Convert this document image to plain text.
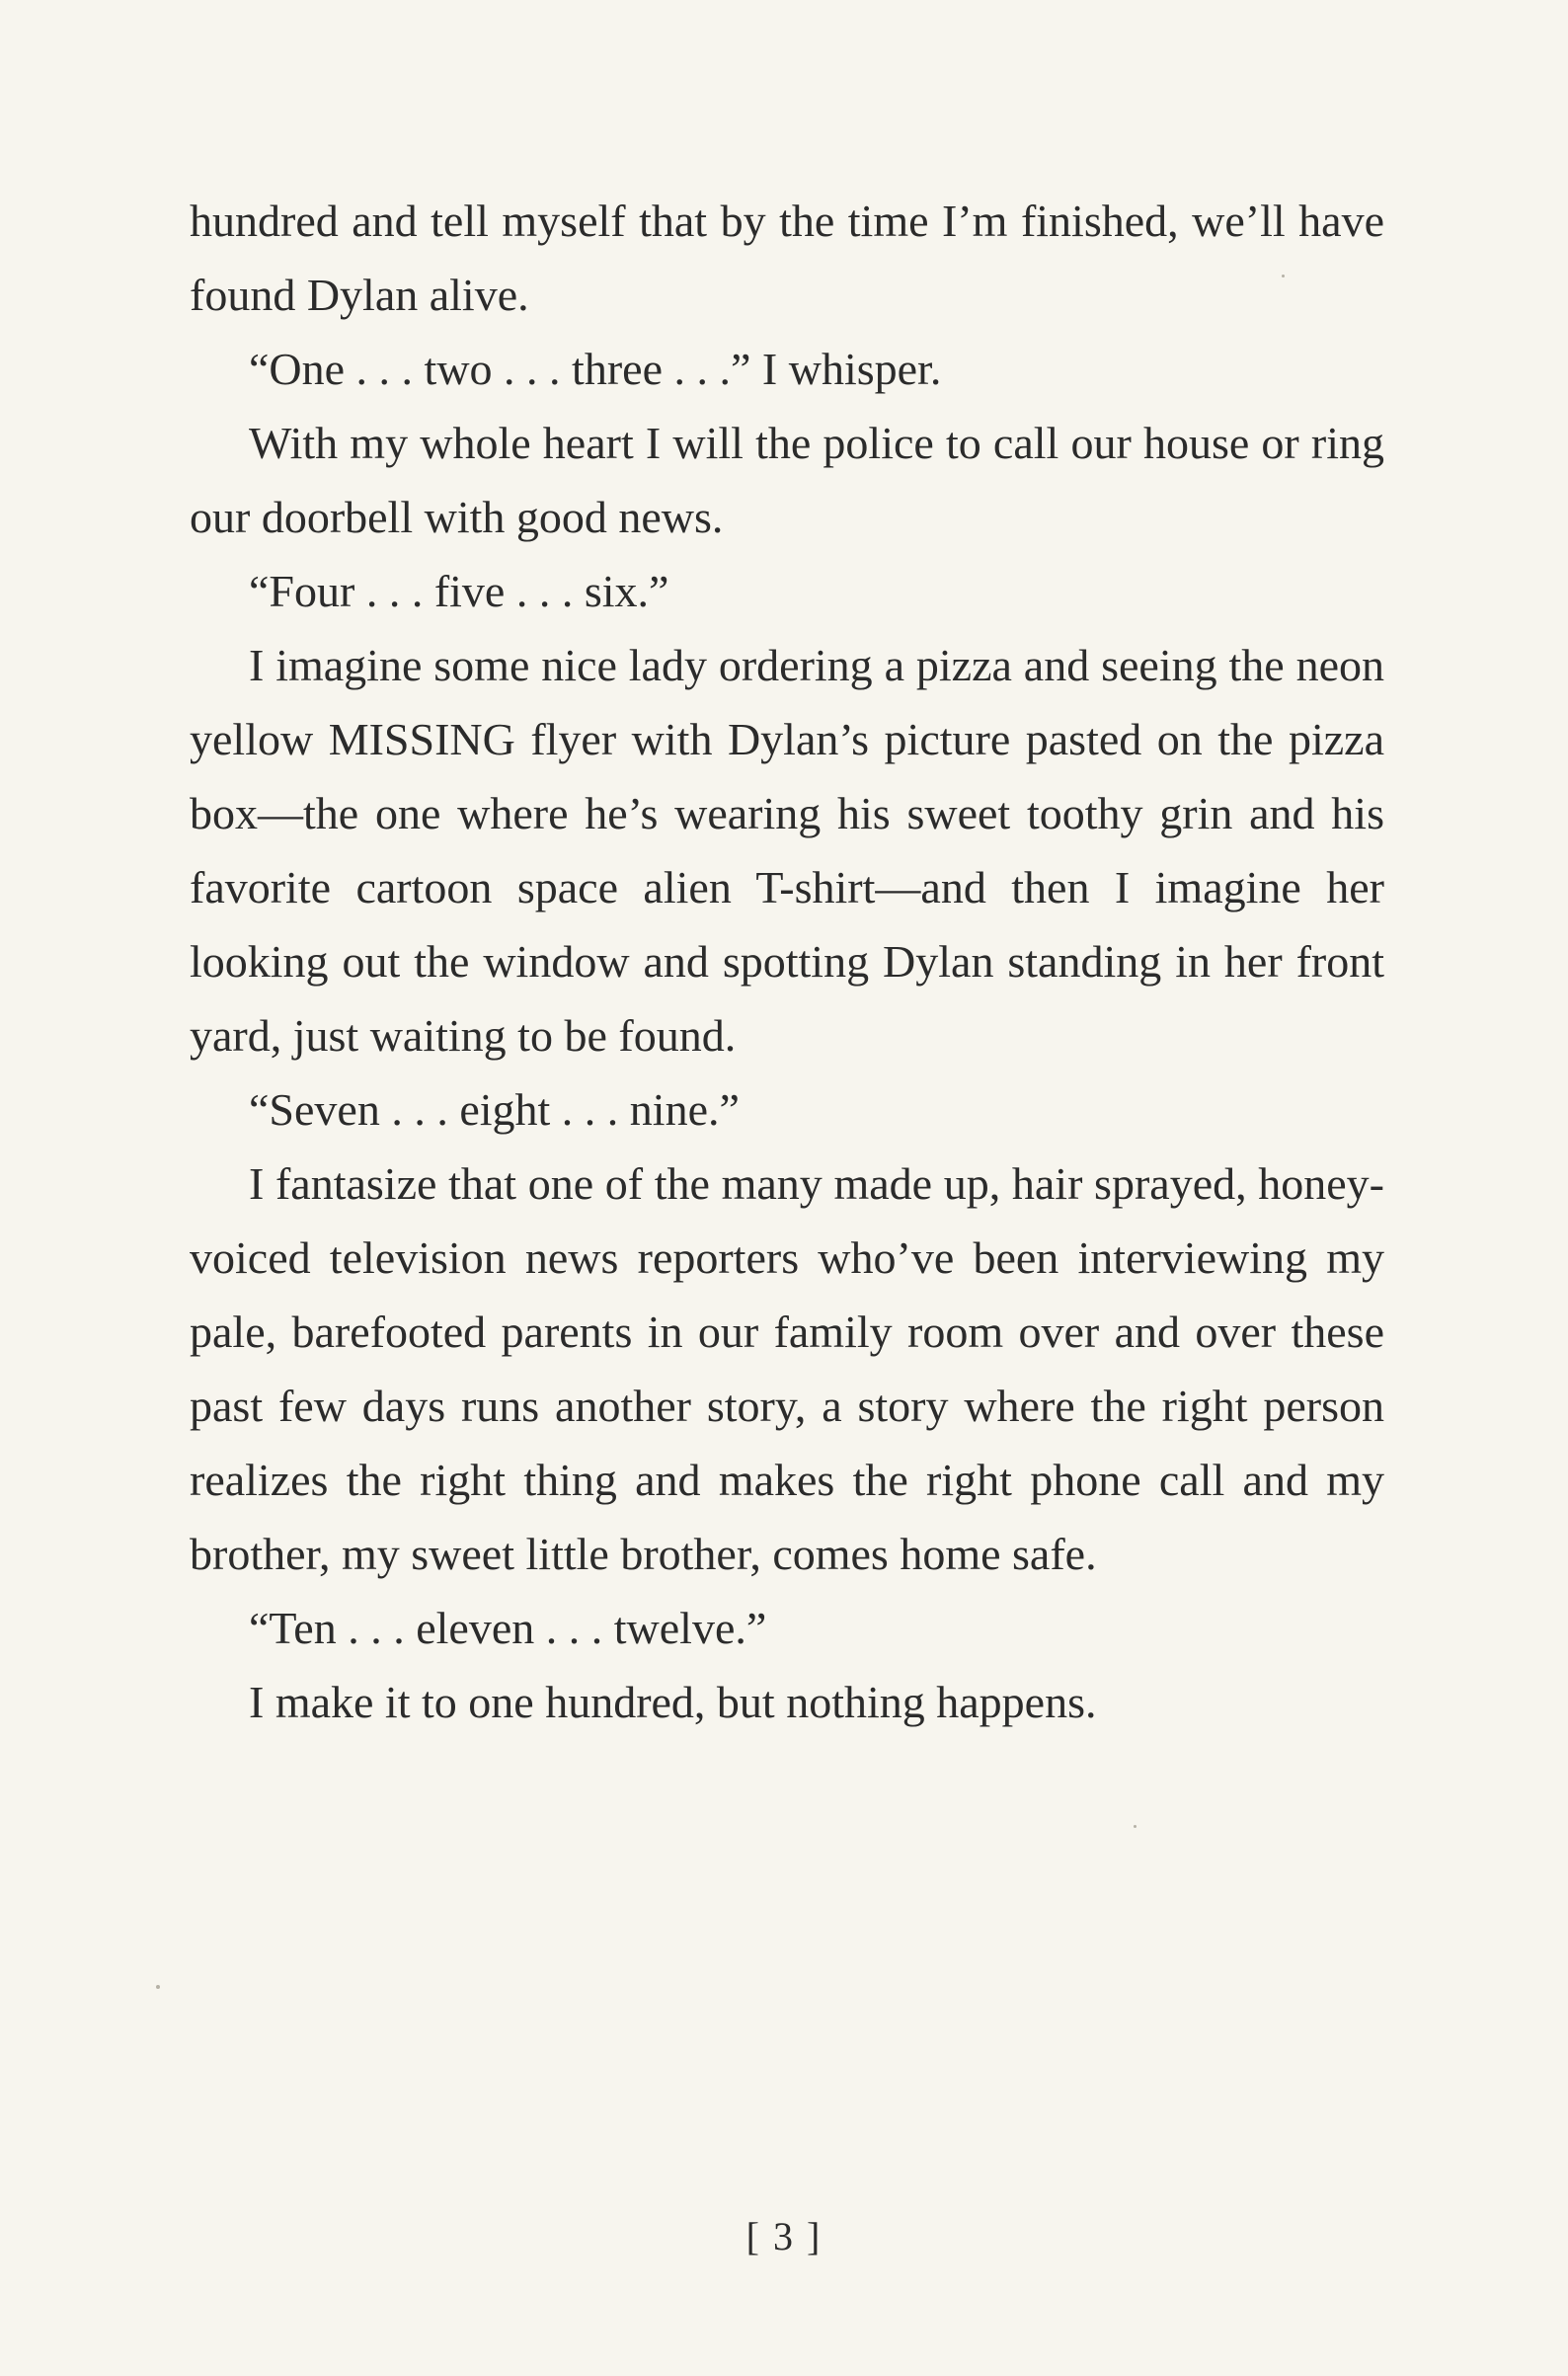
hundred and tell myself that by the time I’m finished, we’ll have found Dylan alive.

“One . . . two . . . three . . .” I whisper.

With my whole heart I will the police to call our house or ring our doorbell with good news.

“Four . . . five . . . six.”

I imagine some nice lady ordering a pizza and seeing the neon yellow MISSING flyer with Dylan’s picture pasted on the pizza box—the one where he’s wearing his sweet toothy grin and his favorite cartoon space alien T-shirt—and then I imagine her looking out the window and spotting Dylan standing in her front yard, just waiting to be found.

“Seven . . . eight . . . nine.”

I fantasize that one of the many made up, hair sprayed, honey-voiced television news reporters who’ve been interviewing my pale, barefooted parents in our family room over and over these past few days runs another story, a story where the right person realizes the right thing and makes the right phone call and my brother, my sweet little brother, comes home safe.

“Ten . . . eleven . . . twelve.”

I make it to one hundred, but nothing happens.

[ 3 ]
